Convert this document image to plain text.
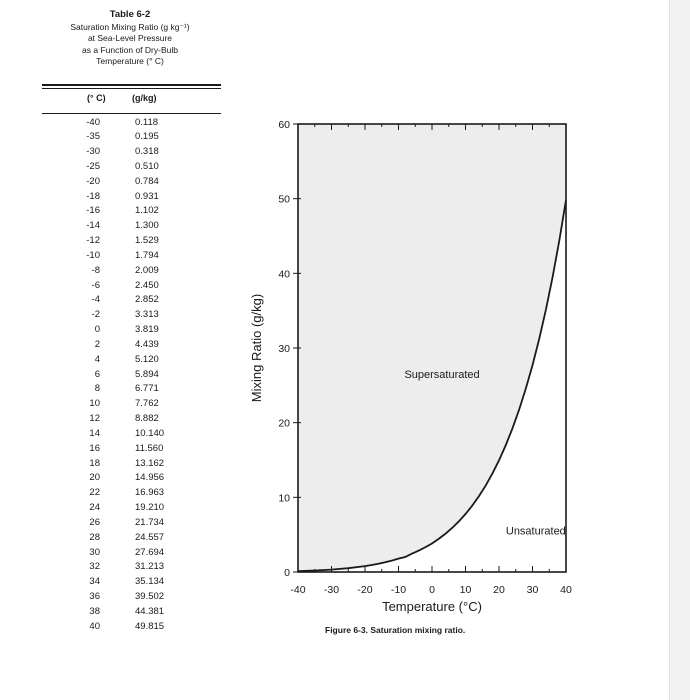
Table 6-2
Saturation Mixing Ratio (g kg⁻¹)
at Sea-Level Pressure
as a Function of Dry-Bulb
Temperature (° C)
(° C)	(g/kg)
-40	0.118
-35	0.195
-30	0.318
-25	0.510
-20	0.784
-18	0.931
-16	1.102
-14	1.300
-12	1.529
-10	1.794
-8	2.009
-6	2.450
-4	2.852
-2	3.313
0	3.819
2	4.439
4	5.120
6	5.894
8	6.771
10	7.762
12	8.882
14	10.140
16	11.560
18	13.162
20	14.956
22	16.963
24	19.210
26	21.734
28	24.557
30	27.694
32	31.213
34	35.134
36	39.502
38	44.381
40	49.815
-40 -30 -20 -10 0 10 20 30 40
0
10
20
30
40
50
60
Temperature (°C)
Mixing Ratio (g/kg)	Supersaturated
Unsaturated
Figure 6-3. Saturation mixing ratio.
